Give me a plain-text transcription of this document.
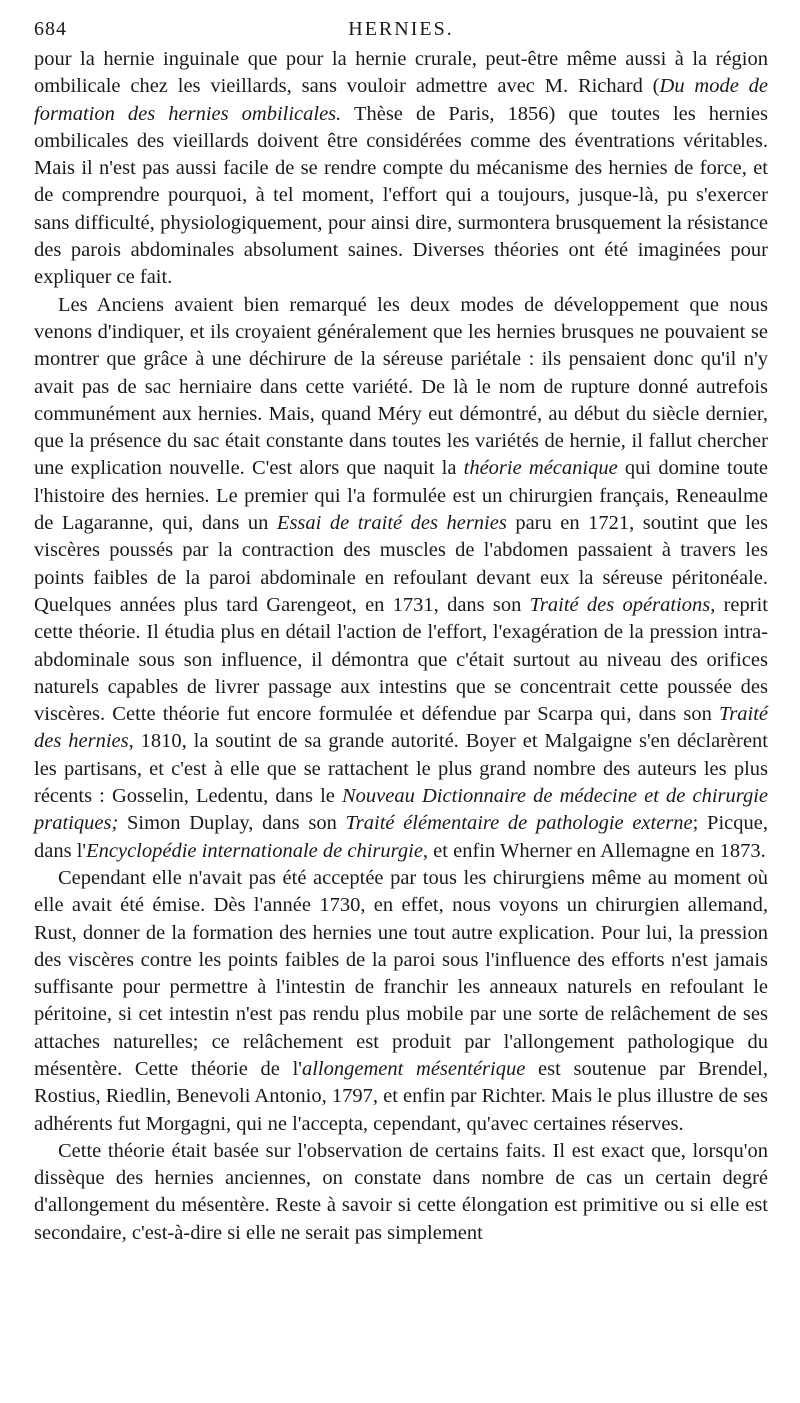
684	HERNIES.

pour la hernie inguinale que pour la hernie crurale, peut-être même aussi à la région ombilicale chez les vieillards, sans vouloir admettre avec M. Richard (Du mode de formation des hernies ombilicales. Thèse de Paris, 1856) que toutes les hernies ombilicales des vieillards doivent être considérées comme des éventrations véritables. Mais il n'est pas aussi facile de se rendre compte du mécanisme des hernies de force, et de comprendre pourquoi, à tel moment, l'effort qui a toujours, jusque-là, pu s'exercer sans difficulté, physiologiquement, pour ainsi dire, surmontera brusquement la résistance des parois abdominales absolument saines. Diverses théories ont été imaginées pour expliquer ce fait.

Les Anciens avaient bien remarqué les deux modes de développement que nous venons d'indiquer, et ils croyaient généralement que les hernies brusques ne pouvaient se montrer que grâce à une déchirure de la séreuse pariétale : ils pensaient donc qu'il n'y avait pas de sac herniaire dans cette variété. De là le nom de rupture donné autrefois communément aux hernies. Mais, quand Méry eut démontré, au début du siècle dernier, que la présence du sac était constante dans toutes les variétés de hernie, il fallut chercher une explication nouvelle. C'est alors que naquit la théorie mécanique qui domine toute l'histoire des hernies. Le premier qui l'a formulée est un chirurgien français, Reneaulme de Lagaranne, qui, dans un Essai de traité des hernies paru en 1721, soutint que les viscères poussés par la contraction des muscles de l'abdomen passaient à travers les points faibles de la paroi abdominale en refoulant devant eux la séreuse péritonéale. Quelques années plus tard Garengeot, en 1731, dans son Traité des opérations, reprit cette théorie. Il étudia plus en détail l'action de l'effort, l'exagération de la pression intra-abdominale sous son influence, il démontra que c'était surtout au niveau des orifices naturels capables de livrer passage aux intestins que se concentrait cette poussée des viscères. Cette théorie fut encore formulée et défendue par Scarpa qui, dans son Traité des hernies, 1810, la soutint de sa grande autorité. Boyer et Malgaigne s'en déclarèrent les partisans, et c'est à elle que se rattachent le plus grand nombre des auteurs les plus récents : Gosselin, Ledentu, dans le Nouveau Dictionnaire de médecine et de chirurgie pratiques; Simon Duplay, dans son Traité élémentaire de pathologie externe; Picque, dans l'Encyclopédie internationale de chirurgie, et enfin Wherner en Allemagne en 1873.

Cependant elle n'avait pas été acceptée par tous les chirurgiens même au moment où elle avait été émise. Dès l'année 1730, en effet, nous voyons un chirurgien allemand, Rust, donner de la formation des hernies une tout autre explication. Pour lui, la pression des viscères contre les points faibles de la paroi sous l'influence des efforts n'est jamais suffisante pour permettre à l'intestin de franchir les anneaux naturels en refoulant le péritoine, si cet intestin n'est pas rendu plus mobile par une sorte de relâchement de ses attaches naturelles; ce relâchement est produit par l'allongement pathologique du mésentère. Cette théorie de l'allongement mésentérique est soutenue par Brendel, Rostius, Riedlin, Benevoli Antonio, 1797, et enfin par Richter. Mais le plus illustre de ses adhérents fut Morgagni, qui ne l'accepta, cependant, qu'avec certaines réserves.

Cette théorie était basée sur l'observation de certains faits. Il est exact que, lorsqu'on dissèque des hernies anciennes, on constate dans nombre de cas un certain degré d'allongement du mésentère. Reste à savoir si cette élongation est primitive ou si elle est secondaire, c'est-à-dire si elle ne serait pas simplement
